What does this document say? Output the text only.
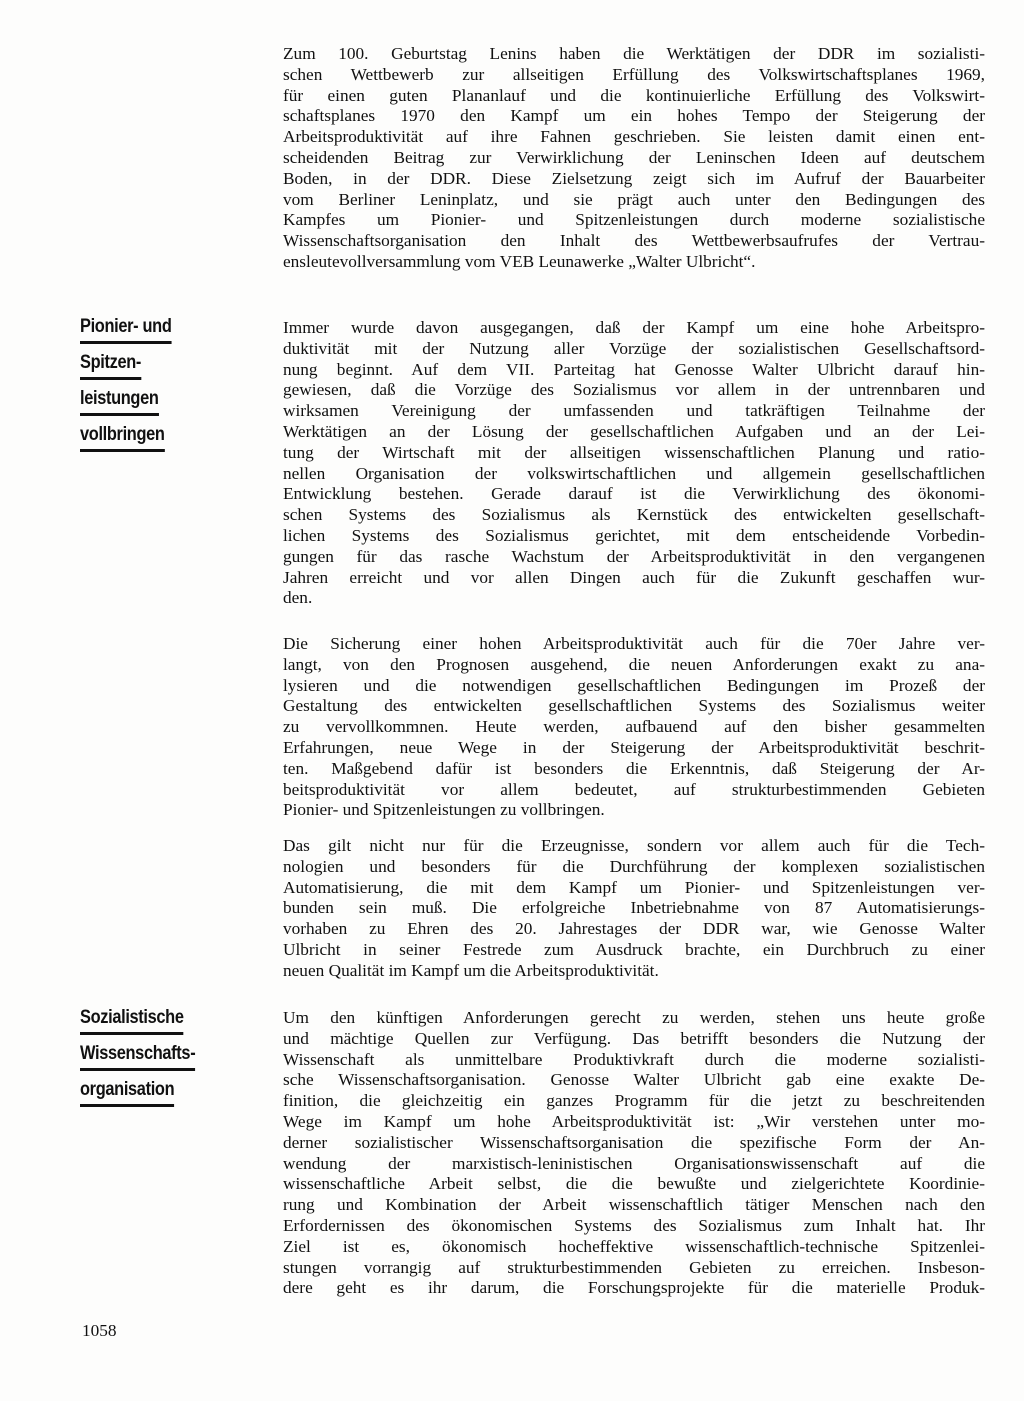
Zum 100. Geburtstag Lenins haben die Werktätigen der DDR im sozialisti-
schen Wettbewerb zur allseitigen Erfüllung des Volkswirtschaftsplanes 1969,
für einen guten Plananlauf und die kontinuierliche Erfüllung des Volkswirt-
schaftsplanes 1970 den Kampf um ein hohes Tempo der Steigerung der
Arbeitsproduktivität auf ihre Fahnen geschrieben. Sie leisten damit einen ent-
scheidenden Beitrag zur Verwirklichung der Leninschen Ideen auf deutschem
Boden, in der DDR. Diese Zielsetzung zeigt sich im Aufruf der Bauarbeiter
vom Berliner Leninplatz, und sie prägt auch unter den Bedingungen des
Kampfes um Pionier- und Spitzenleistungen durch moderne sozialistische
Wissenschaftsorganisation den Inhalt des Wettbewerbsaufrufes der Vertrau-
ensleutevollversammlung vom VEB Leunawerke „Walter Ulbricht“.
Pionier- und
Spitzen-
leistungen
vollbringen
Immer wurde davon ausgegangen, daß der Kampf um eine hohe Arbeitspro-
duktivität mit der Nutzung aller Vorzüge der sozialistischen Gesellschaftsord-
nung beginnt. Auf dem VII. Parteitag hat Genosse Walter Ulbricht darauf hin-
gewiesen, daß die Vorzüge des Sozialismus vor allem in der untrennbaren und
wirksamen Vereinigung der umfassenden und tatkräftigen Teilnahme der
Werktätigen an der Lösung der gesellschaftlichen Aufgaben und an der Lei-
tung der Wirtschaft mit der allseitigen wissenschaftlichen Planung und ratio-
nellen Organisation der volkswirtschaftlichen und allgemein gesellschaftlichen
Entwicklung bestehen. Gerade darauf ist die Verwirklichung des ökonomi-
schen Systems des Sozialismus als Kernstück des entwickelten gesellschaft-
lichen Systems des Sozialismus gerichtet, mit dem entscheidende Vorbedin-
gungen für das rasche Wachstum der Arbeitsproduktivität in den vergangenen
Jahren erreicht und vor allen Dingen auch für die Zukunft geschaffen wur-
den.
Die Sicherung einer hohen Arbeitsproduktivität auch für die 70er Jahre ver-
langt, von den Prognosen ausgehend, die neuen Anforderungen exakt zu ana-
lysieren und die notwendigen gesellschaftlichen Bedingungen im Prozeß der
Gestaltung des entwickelten gesellschaftlichen Systems des Sozialismus weiter
zu vervollkommnen. Heute werden, aufbauend auf den bisher gesammelten
Erfahrungen, neue Wege in der Steigerung der Arbeitsproduktivität beschrit-
ten. Maßgebend dafür ist besonders die Erkenntnis, daß Steigerung der Ar-
beitsproduktivität vor allem bedeutet, auf strukturbestimmenden Gebieten
Pionier- und Spitzenleistungen zu vollbringen.
Das gilt nicht nur für die Erzeugnisse, sondern vor allem auch für die Tech-
nologien und besonders für die Durchführung der komplexen sozialistischen
Automatisierung, die mit dem Kampf um Pionier- und Spitzenleistungen ver-
bunden sein muß. Die erfolgreiche Inbetriebnahme von 87 Automatisierungs-
vorhaben zu Ehren des 20. Jahrestages der DDR war, wie Genosse Walter
Ulbricht in seiner Festrede zum Ausdruck brachte, ein Durchbruch zu einer
neuen Qualität im Kampf um die Arbeitsproduktivität.
Sozialistische
Wissenschafts-
organisation
Um den künftigen Anforderungen gerecht zu werden, stehen uns heute große
und mächtige Quellen zur Verfügung. Das betrifft besonders die Nutzung der
Wissenschaft als unmittelbare Produktivkraft durch die moderne sozialisti-
sche Wissenschaftsorganisation. Genosse Walter Ulbricht gab eine exakte De-
finition, die gleichzeitig ein ganzes Programm für die jetzt zu beschreitenden
Wege im Kampf um hohe Arbeitsproduktivität ist: „Wir verstehen unter mo-
derner sozialistischer Wissenschaftsorganisation die spezifische Form der An-
wendung der marxistisch-leninistischen Organisationswissenschaft auf die
wissenschaftliche Arbeit selbst, die die bewußte und zielgerichtete Koordinie-
rung und Kombination der Arbeit wissenschaftlich tätiger Menschen nach den
Erfordernissen des ökonomischen Systems des Sozialismus zum Inhalt hat. Ihr
Ziel ist es, ökonomisch hocheffektive wissenschaftlich-technische Spitzenlei-
stungen vorrangig auf strukturbestimmenden Gebieten zu erreichen. Insbeson-
dere geht es ihr darum, die Forschungsprojekte für die materielle Produk-
1058
